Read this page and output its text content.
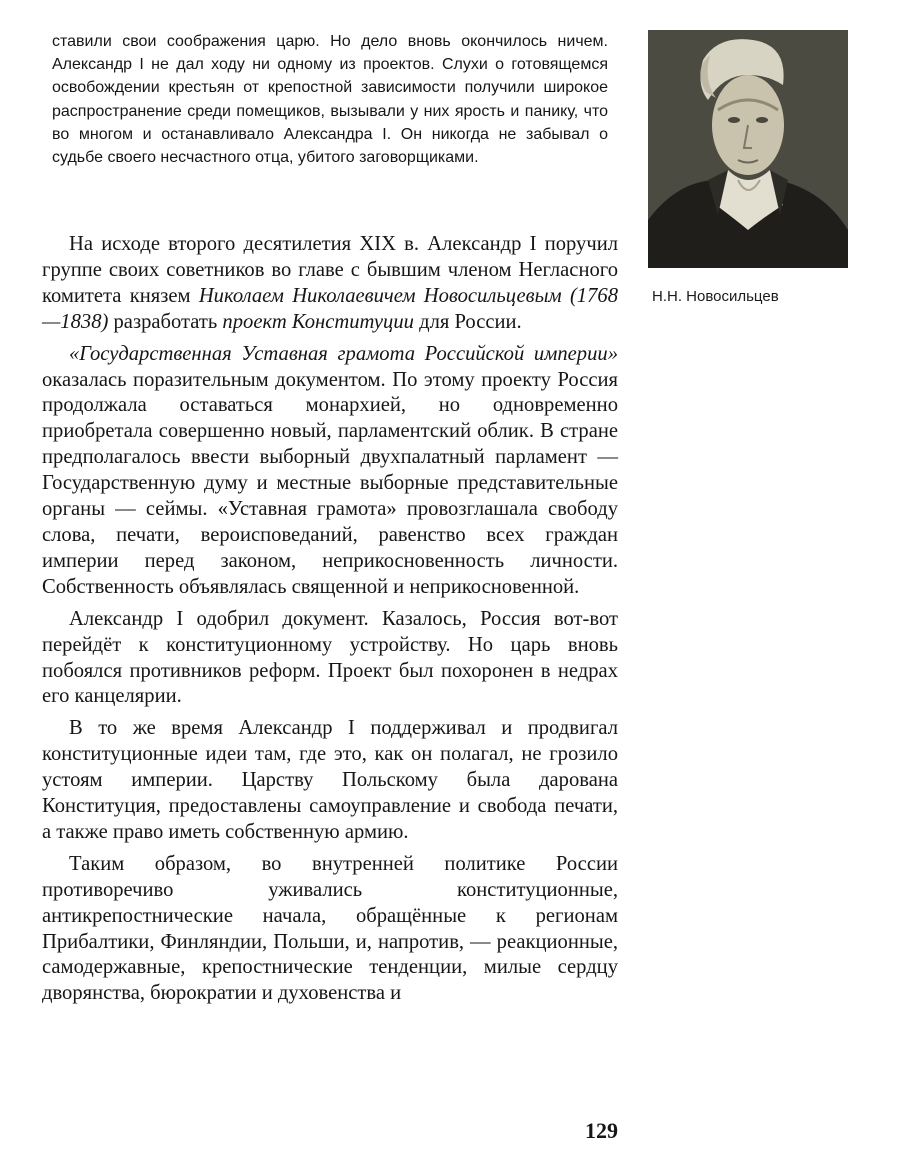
ставили свои соображения царю. Но дело вновь окончилось ничем. Александр I не дал ходу ни одному из проектов. Слухи о готовящемся освобождении крестьян от крепостной зависимости получили широкое распространение среди помещиков, вызывали у них ярость и панику, что во многом и останавливало Александра I. Он никогда не забывал о судьбе своего несчастного отца, убитого заговорщиками.

На исходе второго десятилетия XIX в. Александр I поручил группе своих советников во главе с бывшим членом Негласного комитета князем Николаем Николаевичем Новосильцевым (1768—1838) разработать проект Конституции для России.

«Государственная Уставная грамота Российской империи» оказалась поразительным документом. По этому проекту Россия продолжала оставаться монархией, но одновременно приобретала совершенно новый, парламентский облик. В стране предполагалось ввести выборный двухпалатный парламент — Государственную думу и местные выборные представительные органы — сеймы. «Уставная грамота» провозглашала свободу слова, печати, вероисповеданий, равенство всех граждан империи перед законом, неприкосновенность личности. Собственность объявлялась священной и неприкосновенной.

Александр I одобрил документ. Казалось, Россия вот-вот перейдёт к конституционному устройству. Но царь вновь побоялся противников реформ. Проект был похоронен в недрах его канцелярии.

В то же время Александр I поддерживал и продвигал конституционные идеи там, где это, как он полагал, не грозило устоям империи. Царству Польскому была дарована Конституция, предоставлены самоуправление и свобода печати, а также право иметь собственную армию.

Таким образом, во внутренней политике России противоречиво уживались конституционные, антикрепостнические начала, обращённые к регионам Прибалтики, Финляндии, Польши, и, напротив, — реакционные, самодержавные, крепостнические тенденции, милые сердцу дворянства, бюрократии и духовенства и

Н.Н. Новосильцев

129
